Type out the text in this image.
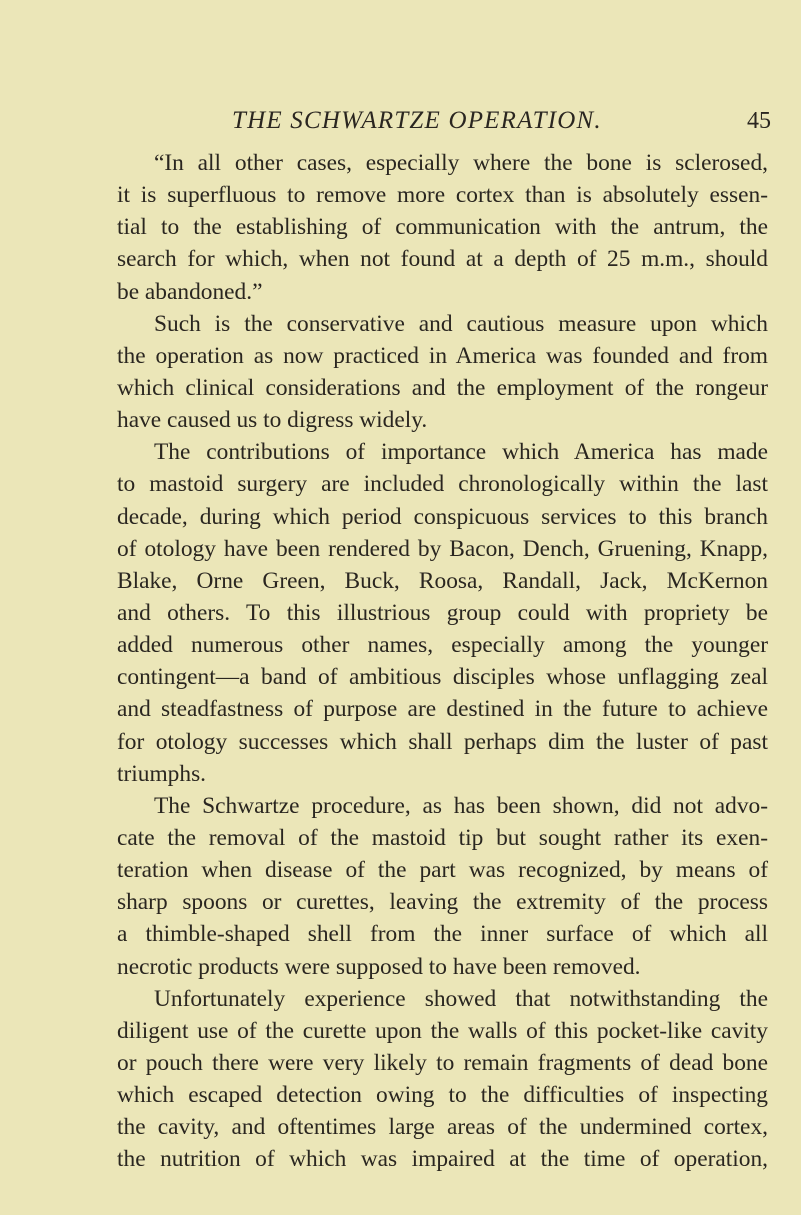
THE SCHWARTZE OPERATION.	45
“In all other cases, especially where the bone is sclerosed,
it is superfluous to remove more cortex than is absolutely essen-
tial to the establishing of communication with the antrum, the
search for which, when not found at a depth of 25 m.m., should
be abandoned.”
Such is the conservative and cautious measure upon which
the operation as now practiced in America was founded and from
which clinical considerations and the employment of the rongeur
have caused us to digress widely.
The contributions of importance which America has made
to mastoid surgery are included chronologically within the last
decade, during which period conspicuous services to this branch
of otology have been rendered by Bacon, Dench, Gruening, Knapp,
Blake, Orne Green, Buck, Roosa, Randall, Jack, McKernon
and others. To this illustrious group could with propriety be
added numerous other names, especially among the younger
contingent—a band of ambitious disciples whose unflagging zeal
and steadfastness of purpose are destined in the future to achieve
for otology successes which shall perhaps dim the luster of past
triumphs.
The Schwartze procedure, as has been shown, did not advo-
cate the removal of the mastoid tip but sought rather its exen-
teration when disease of the part was recognized, by means of
sharp spoons or curettes, leaving the extremity of the process
a thimble-shaped shell from the inner surface of which all
necrotic products were supposed to have been removed.
Unfortunately experience showed that notwithstanding the
diligent use of the curette upon the walls of this pocket-like cavity
or pouch there were very likely to remain fragments of dead bone
which escaped detection owing to the difficulties of inspecting
the cavity, and oftentimes large areas of the undermined cortex,
the nutrition of which was impaired at the time of operation,
